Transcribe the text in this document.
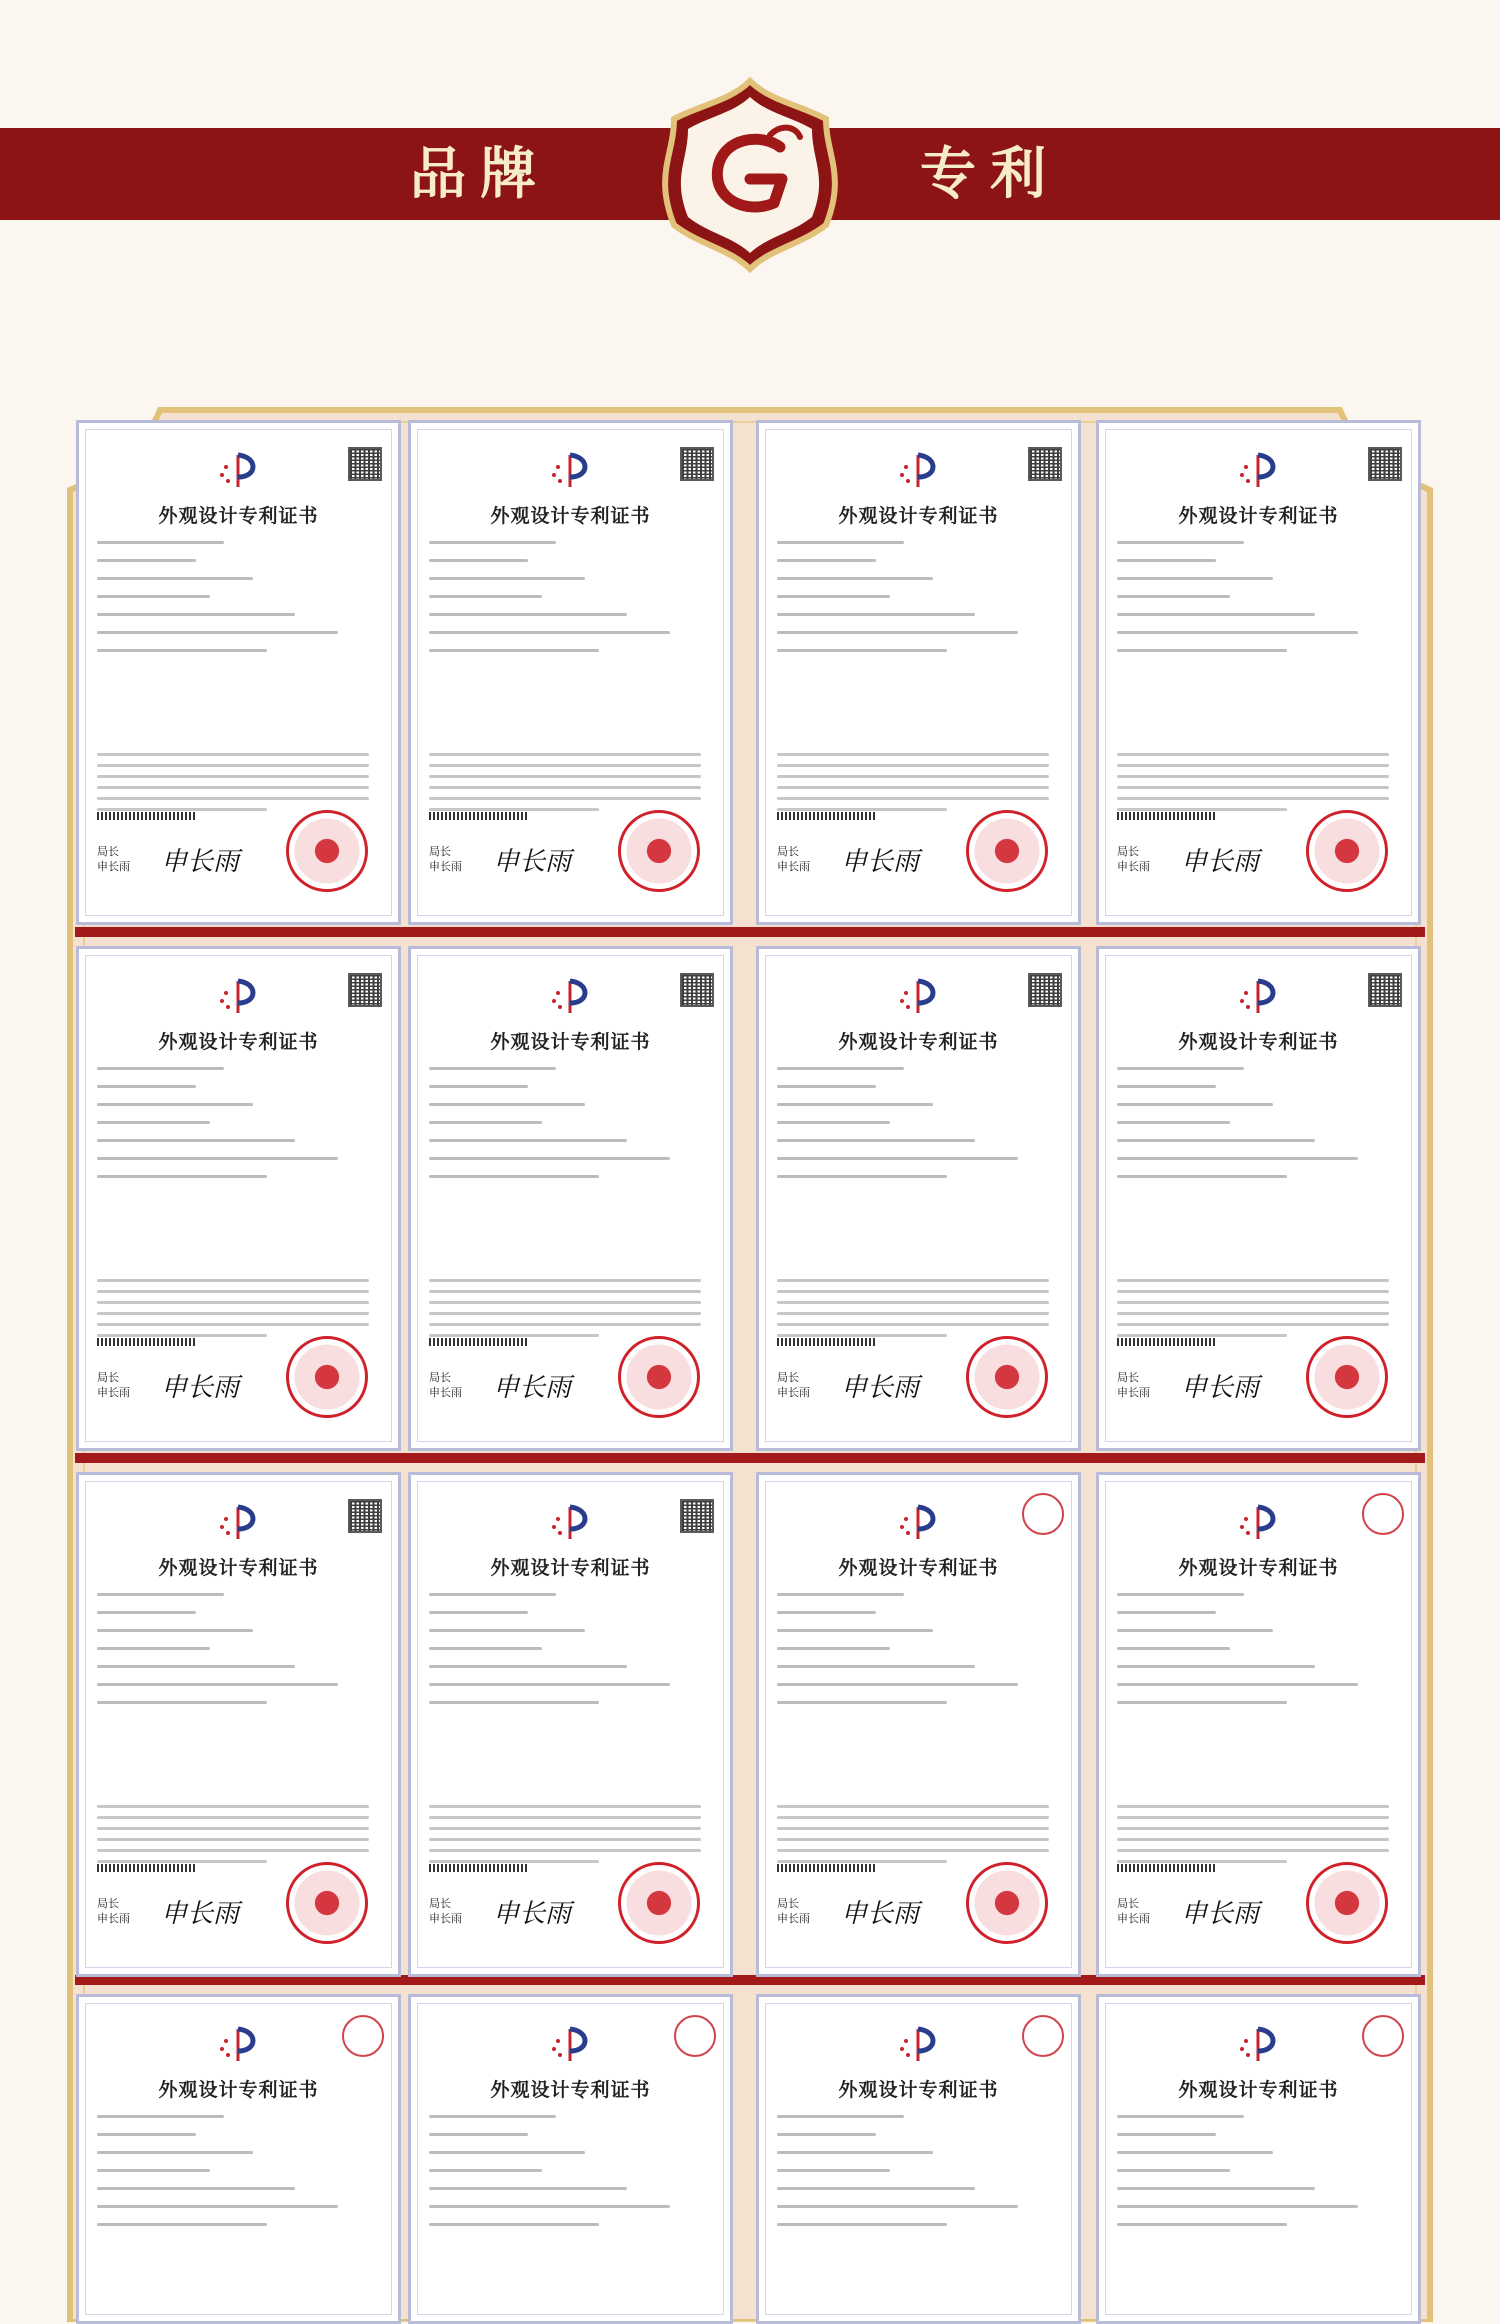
品牌	专利
外观设计专利证书
局长
申长雨 申长雨
外观设计专利证书
局长
申长雨 申长雨
外观设计专利证书
局长
申长雨 申长雨
外观设计专利证书
局长
申长雨 申长雨
外观设计专利证书
局长
申长雨 申长雨
外观设计专利证书
局长
申长雨 申长雨
外观设计专利证书
局长
申长雨 申长雨
外观设计专利证书
局长
申长雨 申长雨
外观设计专利证书
局长
申长雨 申长雨
外观设计专利证书
局长
申长雨 申长雨
外观设计专利证书
局长
申长雨 申长雨
外观设计专利证书
局长
申长雨 申长雨
外观设计专利证书	外观设计专利证书	外观设计专利证书	外观设计专利证书
